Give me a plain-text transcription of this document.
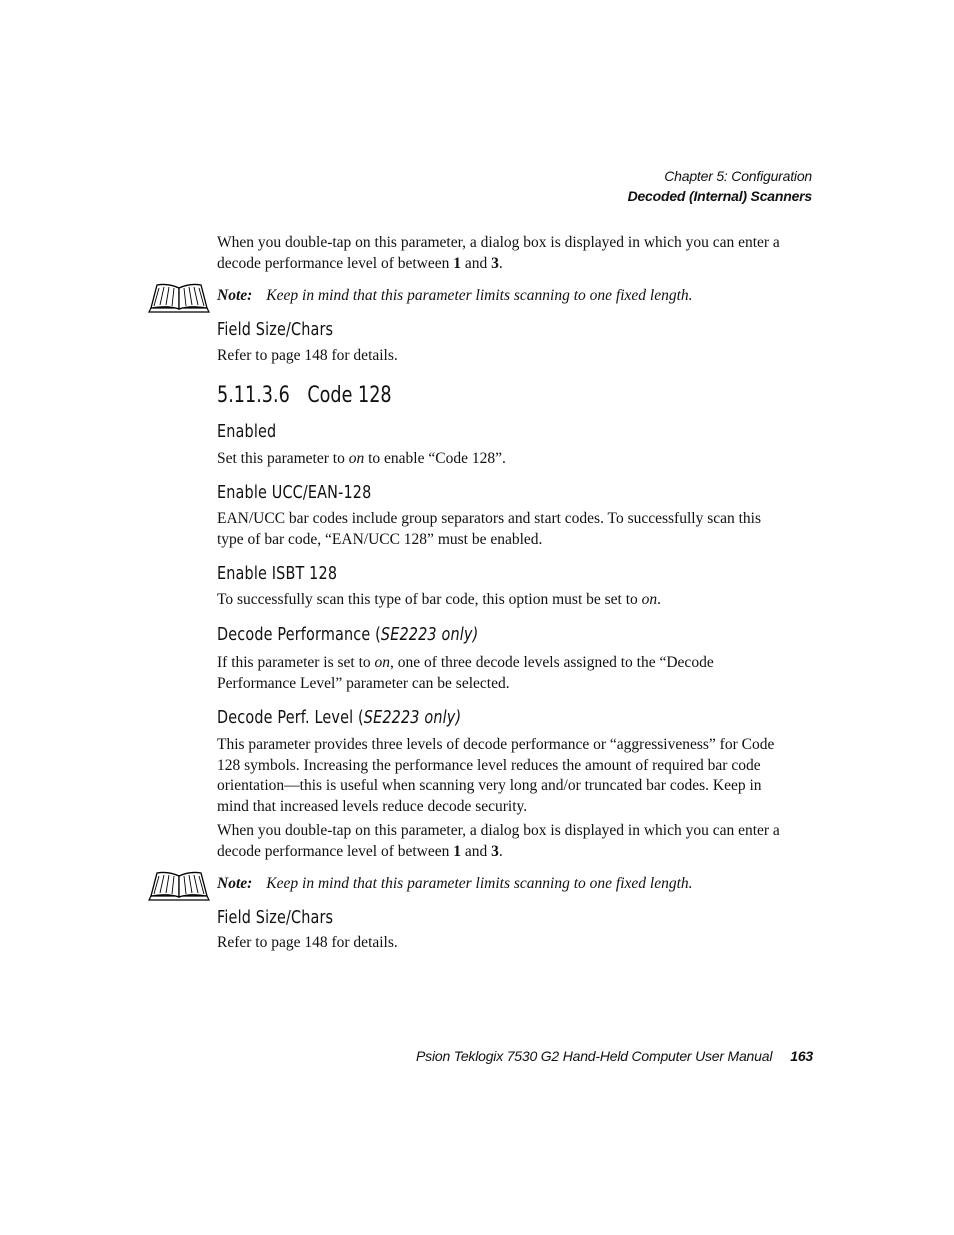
Chapter 5: Configuration
Decoded (Internal) Scanners

When you double-tap on this parameter, a dialog box is displayed in which you can enter a decode performance level of between 1 and 3.

Note: Keep in mind that this parameter limits scanning to one fixed length.
Field Size/Chars

Refer to page 148 for details.

5.11.3.6 Code 128
Enabled

Set this parameter to on to enable “Code 128”.

Enable UCC/EAN-128

EAN/UCC bar codes include group separators and start codes. To successfully scan this type of bar code, “EAN/UCC 128” must be enabled.

Enable ISBT 128

To successfully scan this type of bar code, this option must be set to on.

Decode Performance (SE2223 only)

If this parameter is set to on, one of three decode levels assigned to the “Decode Performance Level” parameter can be selected.

Decode Perf. Level (SE2223 only)

This parameter provides three levels of decode performance or “aggressiveness” for Code 128 symbols. Increasing the performance level reduces the amount of required bar code orientation—this is useful when scanning very long and/or truncated bar codes. Keep in mind that increased levels reduce decode security.

When you double-tap on this parameter, a dialog box is displayed in which you can enter a decode performance level of between 1 and 3.

Note: Keep in mind that this parameter limits scanning to one fixed length.
Field Size/Chars

Refer to page 148 for details.

Psion Teklogix 7530 G2 Hand-Held Computer User Manual 163
